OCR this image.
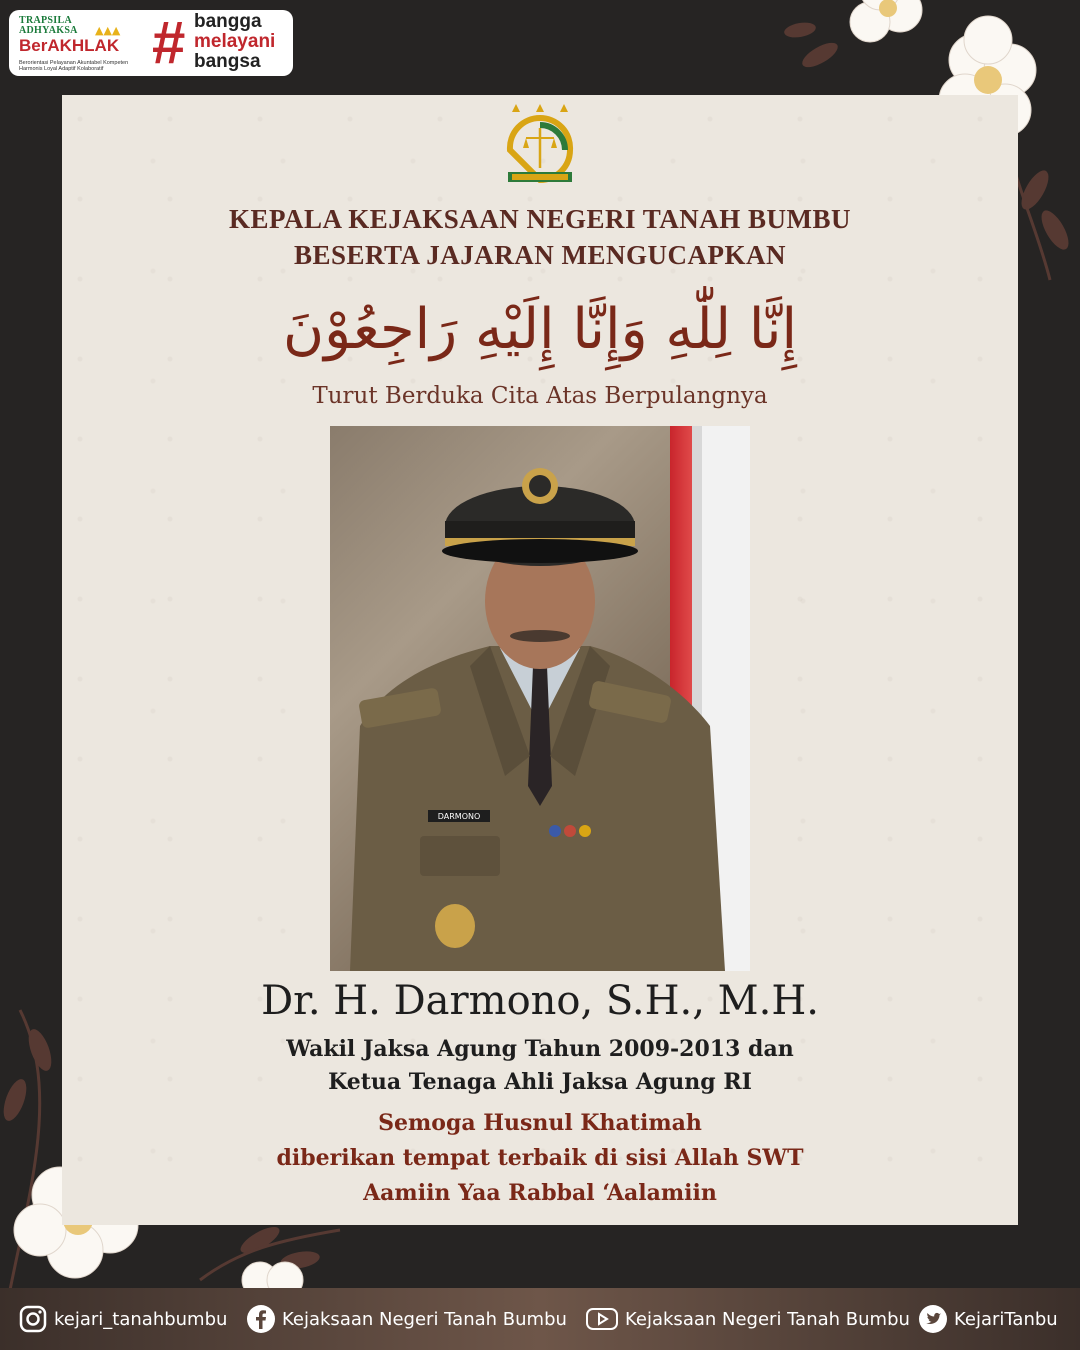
TRAPSILA
ADHYAKSA ▲▲▲
BerAKHLAK
Berorientasi Pelayanan Akuntabel Kompeten Harmonis Loyal Adaptif Kolaboratif # bangga
melayani
bangsa
KEPALA KEJAKSAAN NEGERI TANAH BUMBU
BESERTA JAJARAN MENGUCAPKAN
إِنَّا لِلّٰهِ وَإِنَّا إِلَيْهِ رَاجِعُوْنَ
Turut Berduka Cita Atas Berpulangnya
DARMONO
Dr. H. Darmono, S.H., M.H.
Wakil Jaksa Agung Tahun 2009-2013 dan
Ketua Tenaga Ahli Jaksa Agung RI
Semoga Husnul Khatimah
diberikan tempat terbaik di sisi Allah SWT
Aamiin Yaa Rabbal ‘Aalamiin
kejari_tanahbumbu	Kejaksaan Negeri Tanah Bumbu	Kejaksaan Negeri Tanah Bumbu KejariTanbu
